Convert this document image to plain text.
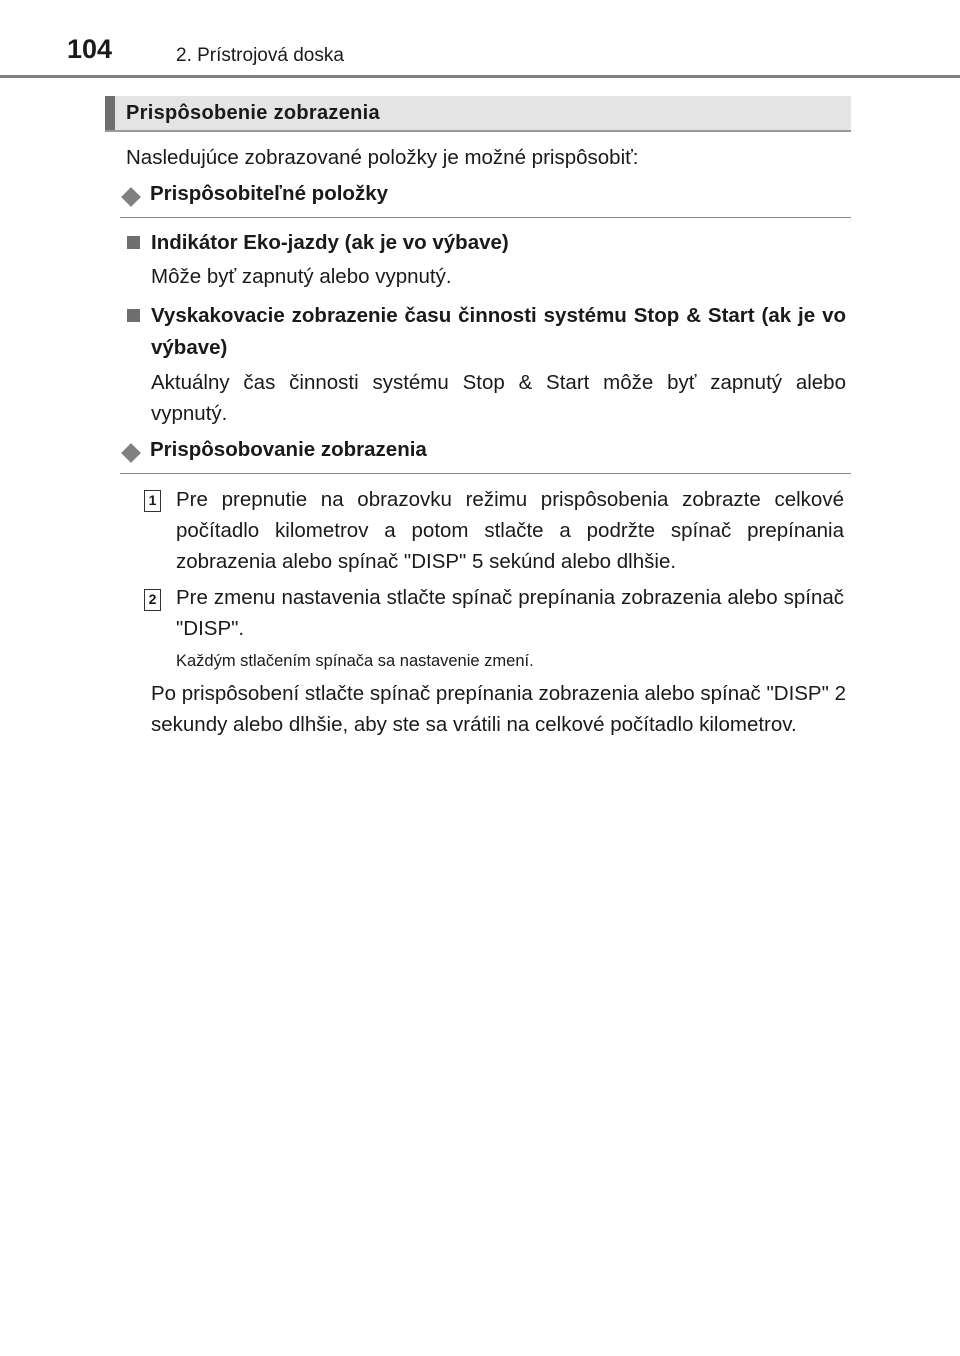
104	2. Prístrojová doska
Prispôsobenie zobrazenia
Nasledujúce zobrazované položky je možné prispôsobiť:
Prispôsobiteľné položky
Indikátor Eko-jazdy (ak je vo výbave)
Môže byť zapnutý alebo vypnutý.
Vyskakovacie zobrazenie času činnosti systému Stop & Start (ak je vo výbave)
Aktuálny čas činnosti systému Stop & Start môže byť zapnutý alebo vypnutý.
Prispôsobovanie zobrazenia
1 Pre prepnutie na obrazovku režimu prispôsobenia zobrazte celkové počítadlo kilometrov a potom stlačte a podržte spínač prepínania zobrazenia alebo spínač "DISP" 5 sekúnd alebo dlhšie.
2 Pre zmenu nastavenia stlačte spínač prepínania zobrazenia alebo spínač "DISP".
Každým stlačením spínača sa nastavenie zmení.
Po prispôsobení stlačte spínač prepínania zobrazenia alebo spínač "DISP" 2 sekundy alebo dlhšie, aby ste sa vrátili na celkové počítadlo kilometrov.
